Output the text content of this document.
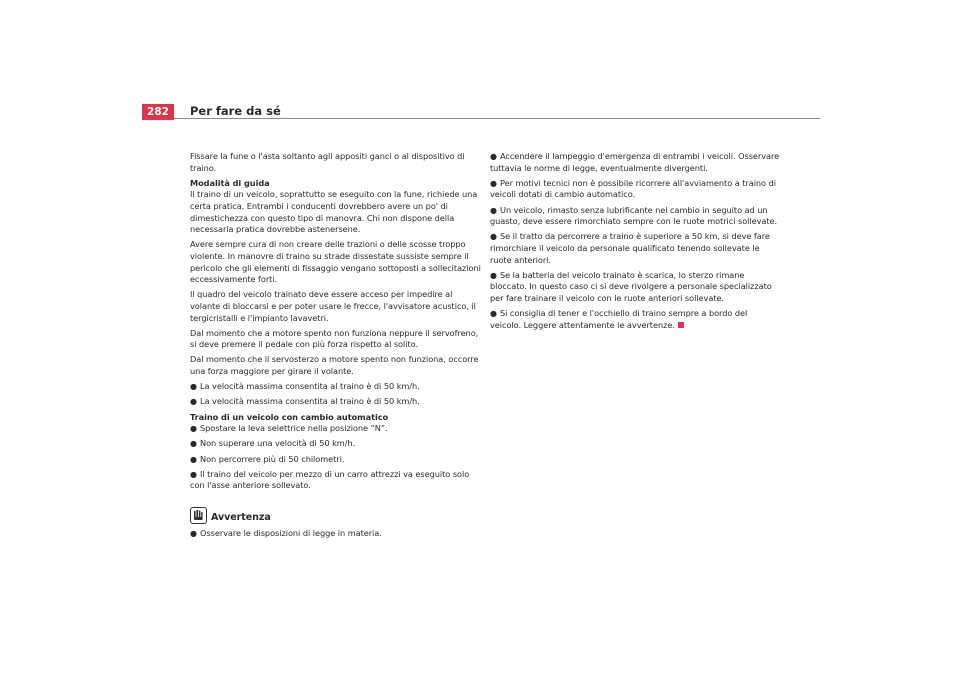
282	Per fare da sé

Fissare la fune o l'asta soltanto agli appositi ganci o al dispositivo di traino.

Modalità di guida

Il traino di un veicolo, soprattutto se eseguito con la fune, richiede una certa pratica. Entrambi i conducenti dovrebbero avere un po' di dimestichezza con questo tipo di manovra. Chi non dispone della necessaria pratica dovrebbe astenersene.

Avere sempre cura di non creare delle trazioni o delle scosse troppo violente. In manovre di traino su strade dissestate sussiste sempre il pericolo che gli elementi di fissaggio vengano sottoposti a sollecitazioni eccessivamente forti.

Il quadro del veicolo trainato deve essere acceso per impedire al volante di bloccarsi e per poter usare le frecce, l'avvisatore acustico, il tergicristalli e l'impianto lavavetri.

Dal momento che a motore spento non funziona neppure il servofreno, si deve premere il pedale con più forza rispetto al solito.

Dal momento che il servosterzo a motore spento non funziona, occorre una forza maggiore per girare il volante.

● La velocità massima consentita al traino è di 50 km/h.
● La velocità massima consentita al traino è di 50 km/h.

Traino di un veicolo con cambio automatico

● Spostare la leva selettrice nella posizione “N”.
● Non superare una velocità di 50 km/h.
● Non percorrere più di 50 chilometri.
● Il traino del veicolo per mezzo di un carro attrezzi va eseguito solo con l'asse anteriore sollevato.
Avvertenza
● Osservare le disposizioni di legge in materia.
● Accendere il lampeggio d'emergenza di entrambi i veicoli. Osservare tuttavia le norme di legge, eventualmente divergenti.
● Per motivi tecnici non è possibile ricorrere all'avviamento a traino di veicoli dotati di cambio automatico.
● Un veicolo, rimasto senza lubrificante nel cambio in seguito ad un guasto, deve essere rimorchiato sempre con le ruote motrici sollevate.
● Se il tratto da percorrere a traino è superiore a 50 km, si deve fare rimorchiare il veicolo da personale qualificato tenendo sollevate le ruote anteriori.
● Se la batteria del veicolo trainato è scarica, lo sterzo rimane bloccato. In questo caso ci si deve rivolgere a personale specializzato per fare trainare il veicolo con le ruote anteriori sollevate.
● Si consiglia di tener e l'occhiello di traino sempre a bordo del veicolo. Leggere attentamente le avvertenze.
